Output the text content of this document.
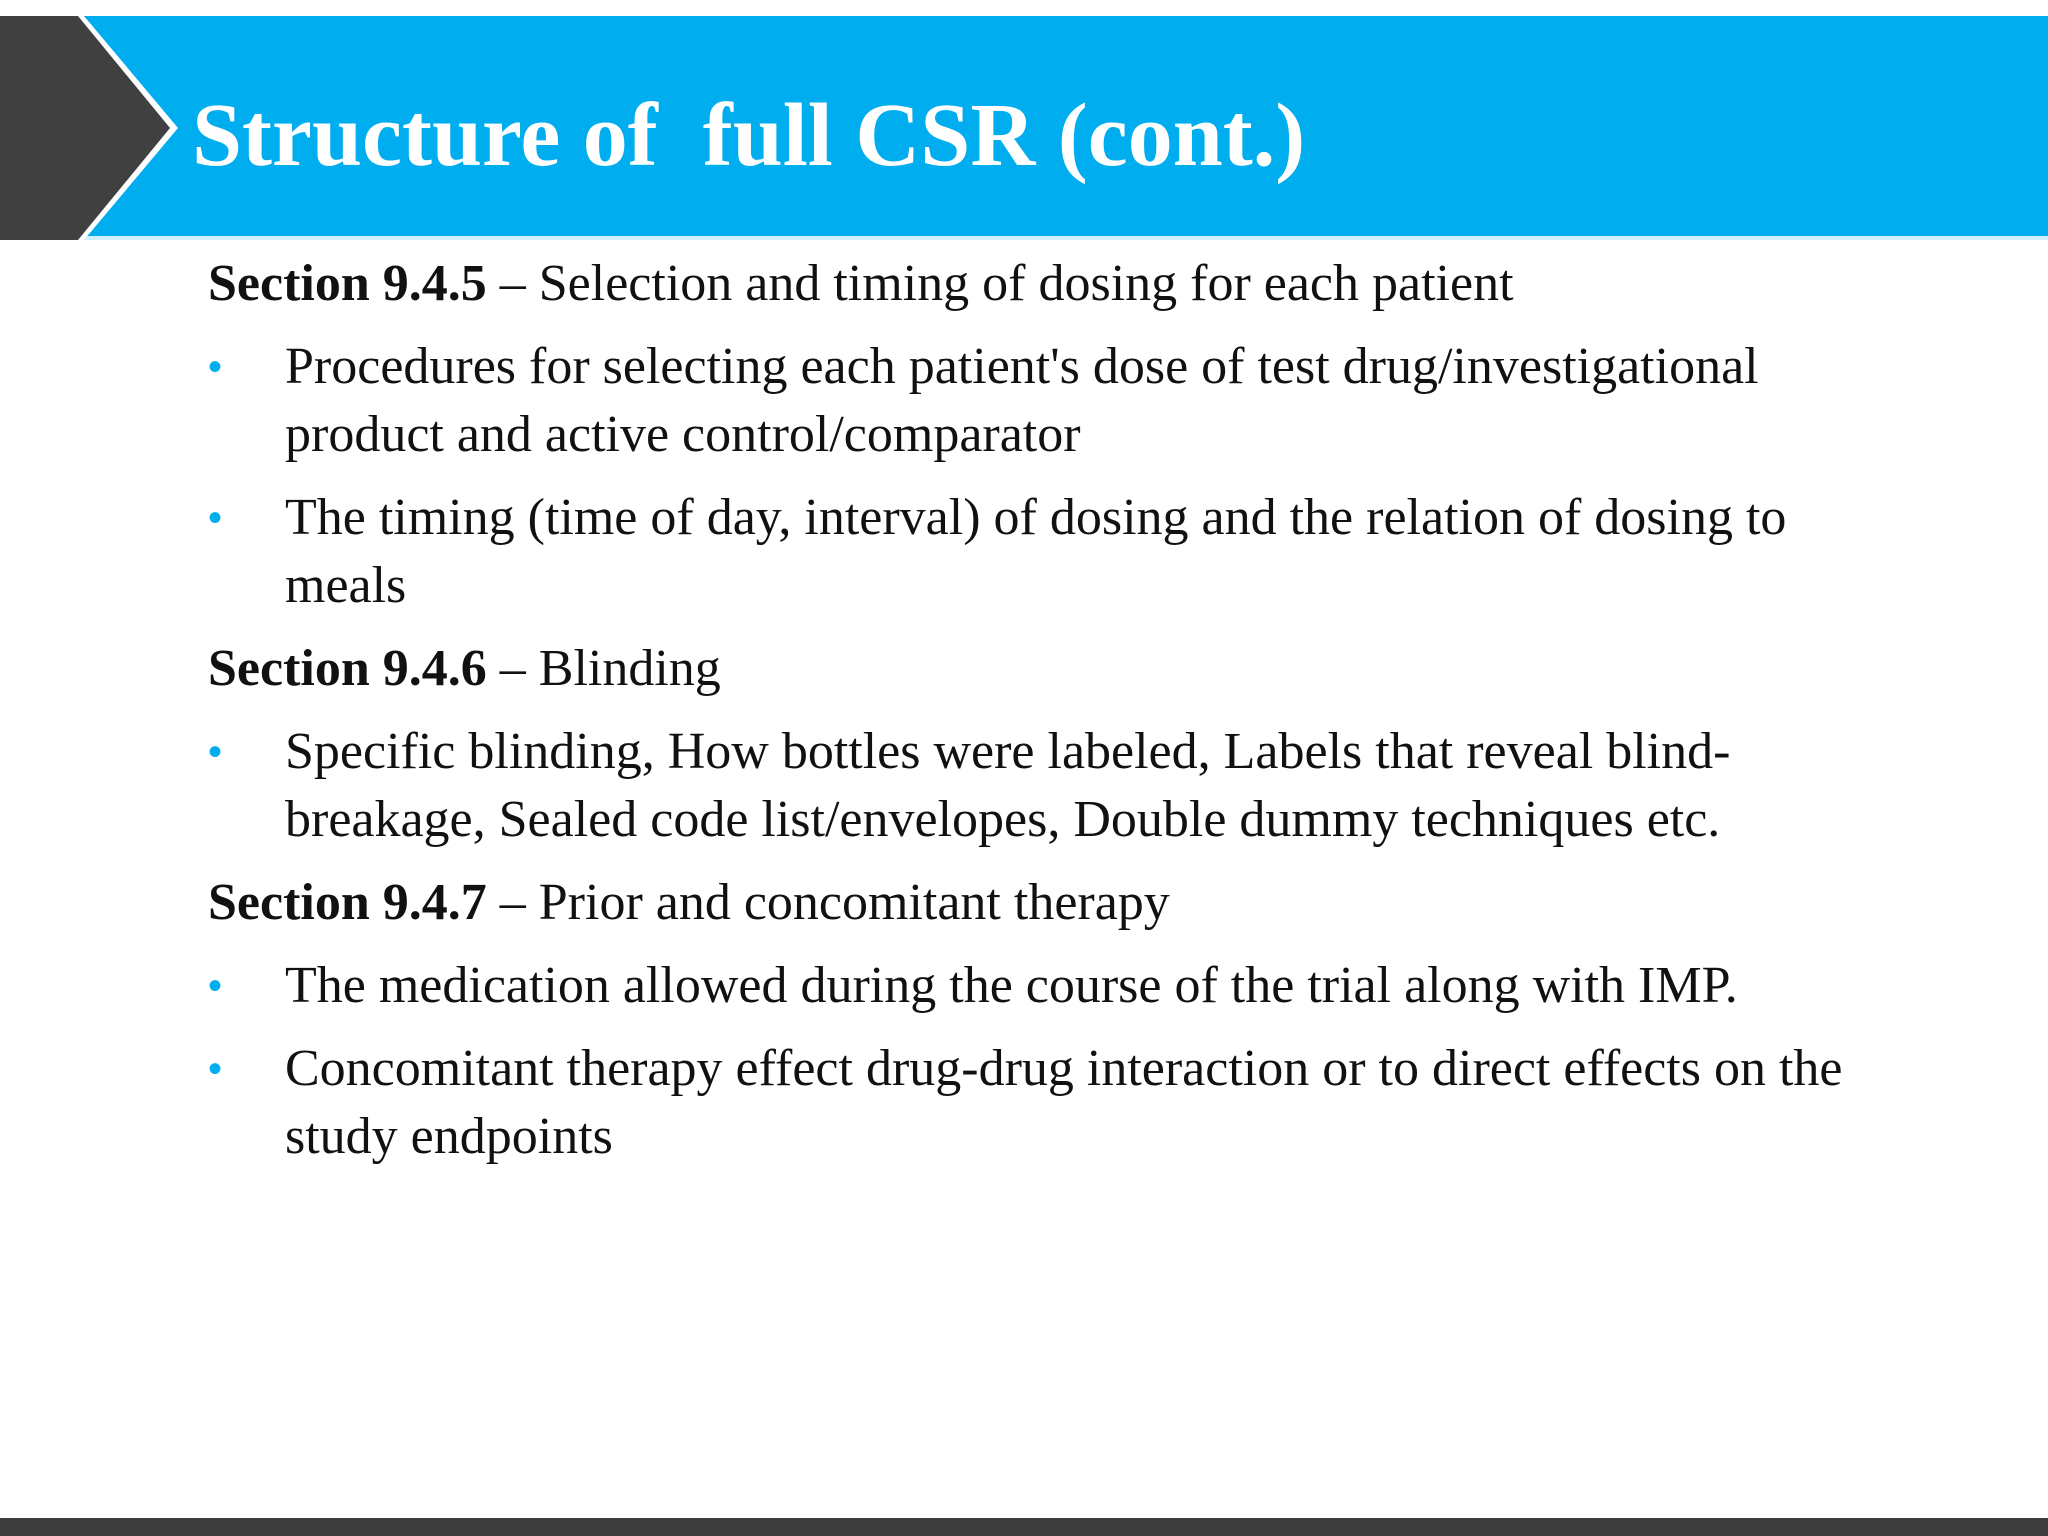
Structure of  full CSR (cont.)

Section 9.4.5 – Selection and timing of dosing for each patient

• Procedures for selecting each patient's dose of test drug/investigational product and active control/comparator
• The timing (time of day, interval) of dosing and the relation of dosing to meals

Section 9.4.6 – Blinding

• Specific blinding, How bottles were labeled, Labels that reveal blind-breakage, Sealed code list/envelopes, Double dummy techniques etc.

Section 9.4.7 – Prior and concomitant therapy

• The medication allowed during the course of the trial along with IMP.
• Concomitant therapy effect drug-drug interaction or to direct effects on the study endpoints
